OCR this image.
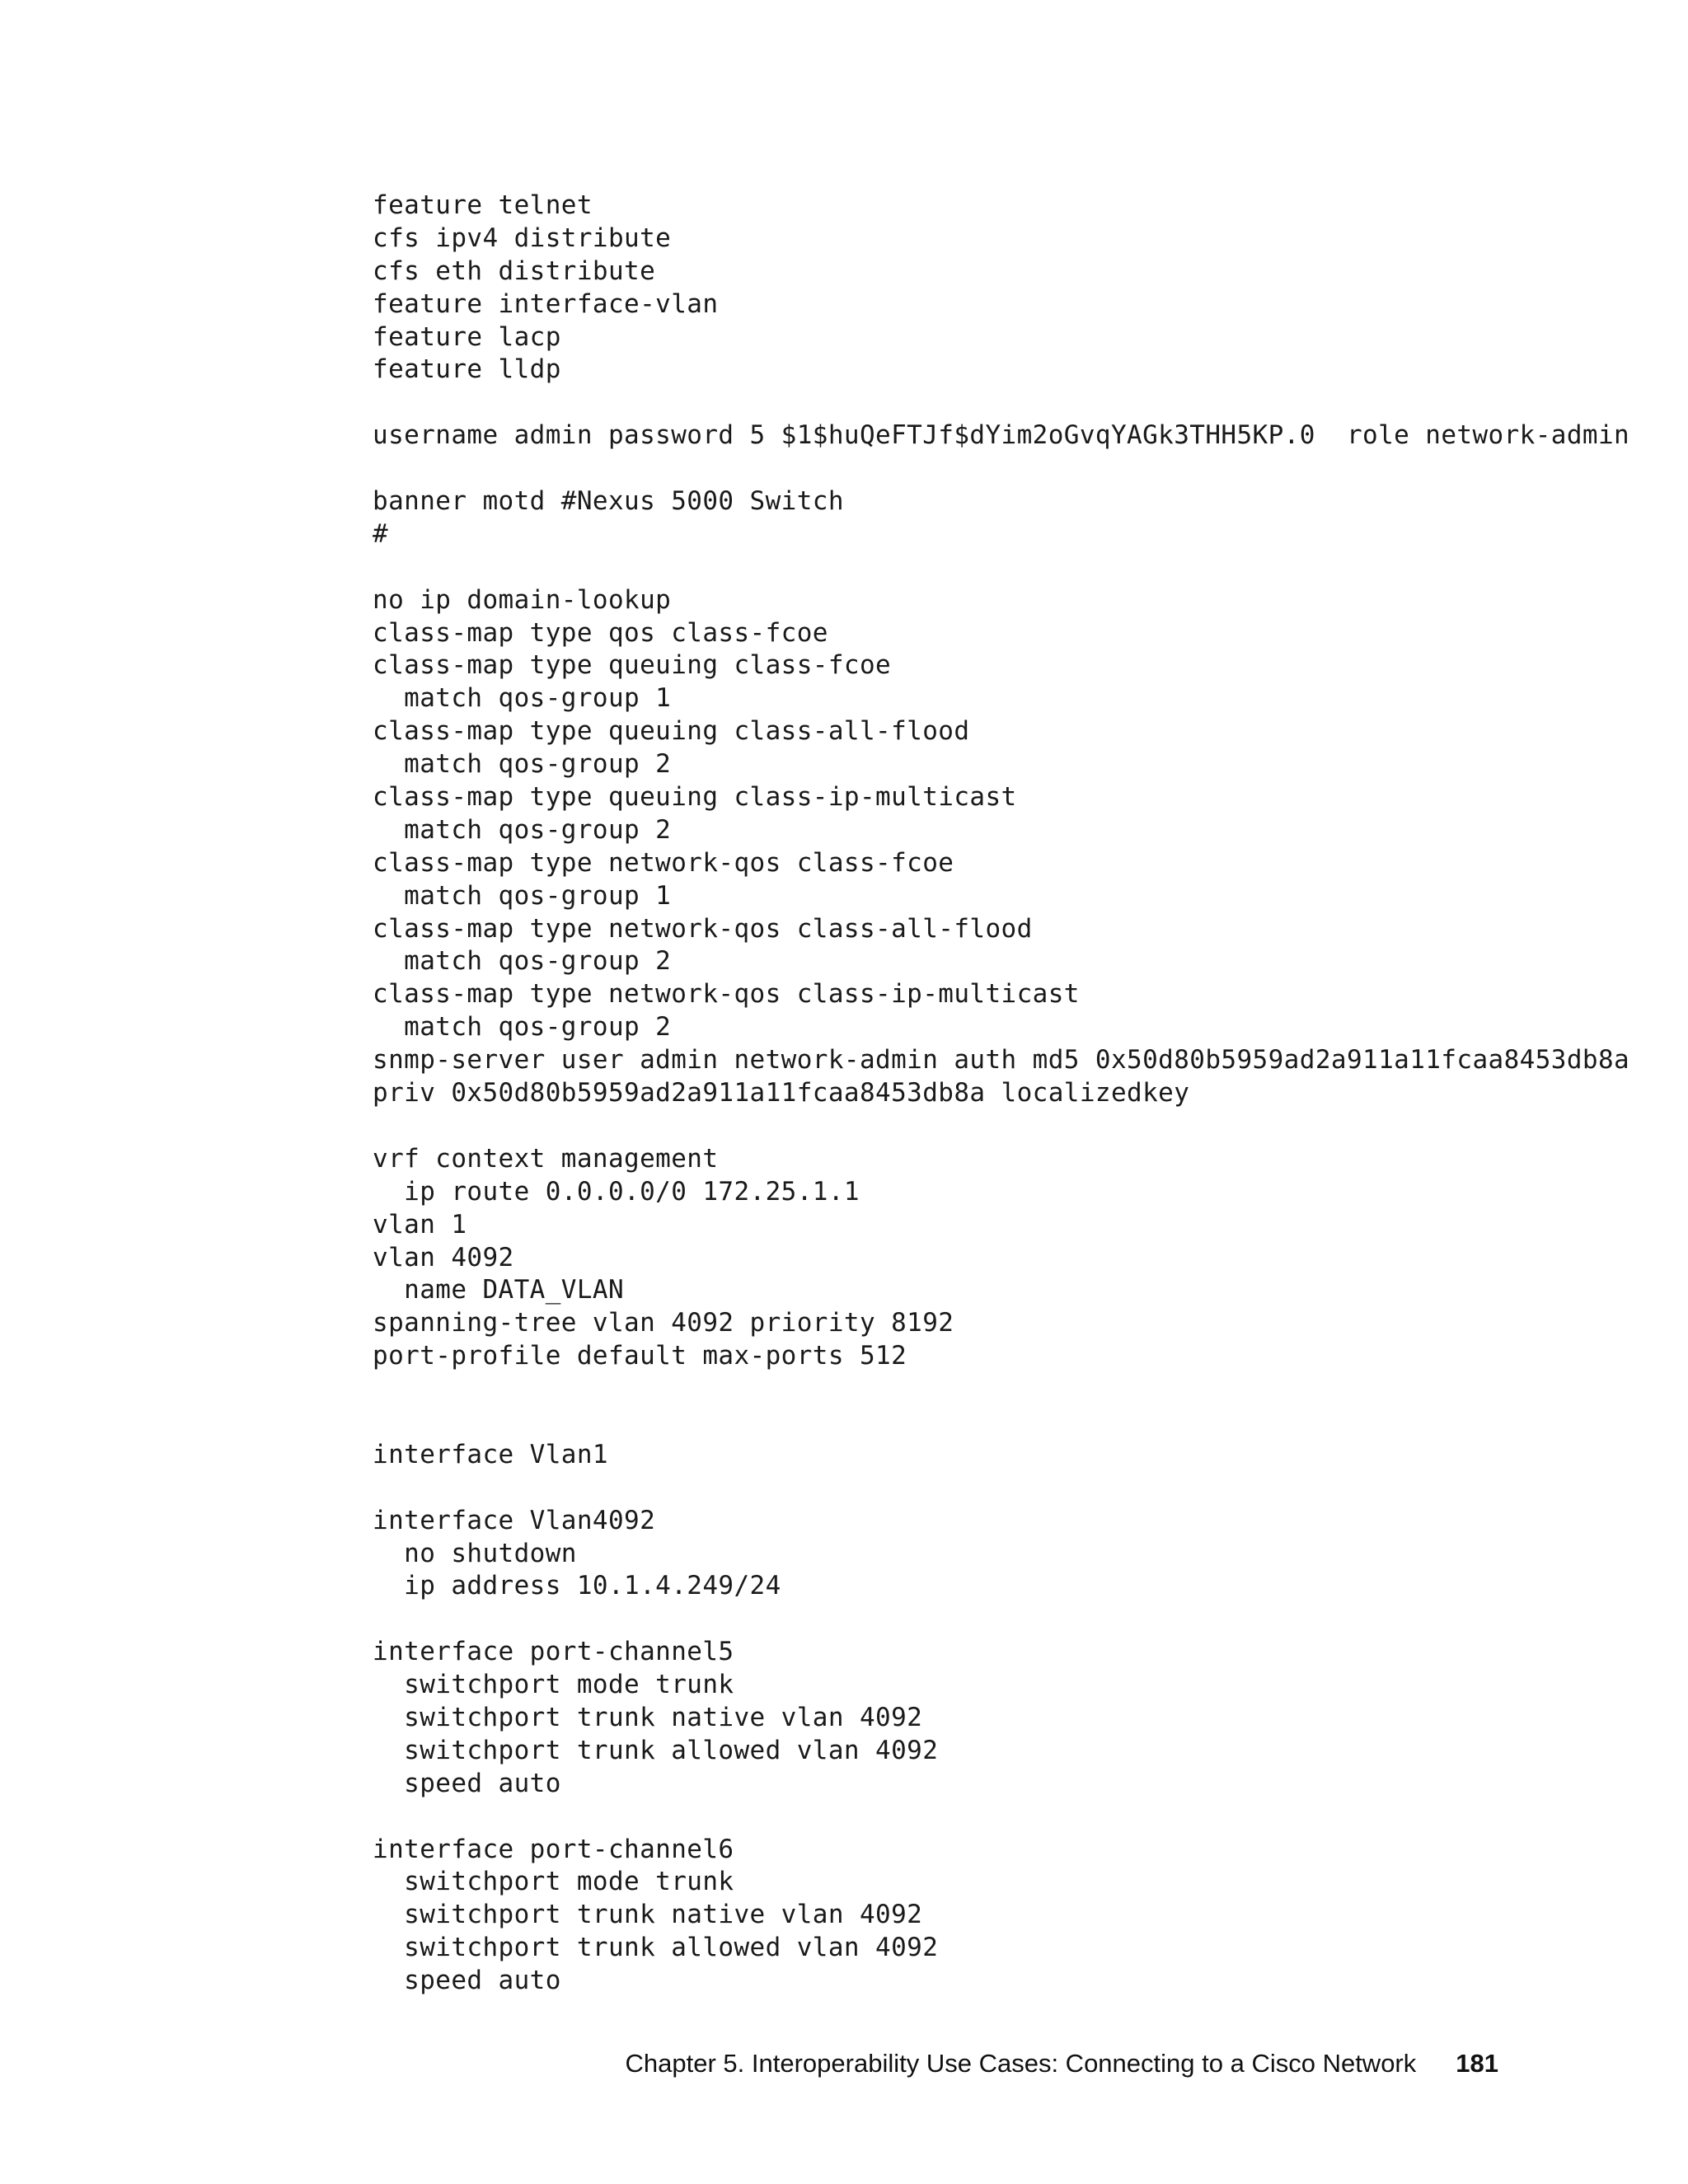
feature telnet
cfs ipv4 distribute
cfs eth distribute
feature interface-vlan
feature lacp
feature lldp
username admin password 5 $1$huQeFTJf$dYim2oGvqYAGk3THH5KP.0  role network-admin
banner motd #Nexus 5000 Switch
#
no ip domain-lookup
class-map type qos class-fcoe
class-map type queuing class-fcoe
match qos-group 1
class-map type queuing class-all-flood
match qos-group 2
class-map type queuing class-ip-multicast
match qos-group 2
class-map type network-qos class-fcoe
match qos-group 1
class-map type network-qos class-all-flood
match qos-group 2
class-map type network-qos class-ip-multicast
match qos-group 2
snmp-server user admin network-admin auth md5 0x50d80b5959ad2a911a11fcaa8453db8a
priv 0x50d80b5959ad2a911a11fcaa8453db8a localizedkey
vrf context management
ip route 0.0.0.0/0 172.25.1.1
vlan 1
vlan 4092
name DATA_VLAN
spanning-tree vlan 4092 priority 8192
port-profile default max-ports 512
interface Vlan1
interface Vlan4092
no shutdown
ip address 10.1.4.249/24
interface port-channel5
switchport mode trunk
switchport trunk native vlan 4092
switchport trunk allowed vlan 4092
speed auto
interface port-channel6
switchport mode trunk
switchport trunk native vlan 4092
switchport trunk allowed vlan 4092
speed auto
Chapter 5. Interoperability Use Cases: Connecting to a Cisco Network 181
